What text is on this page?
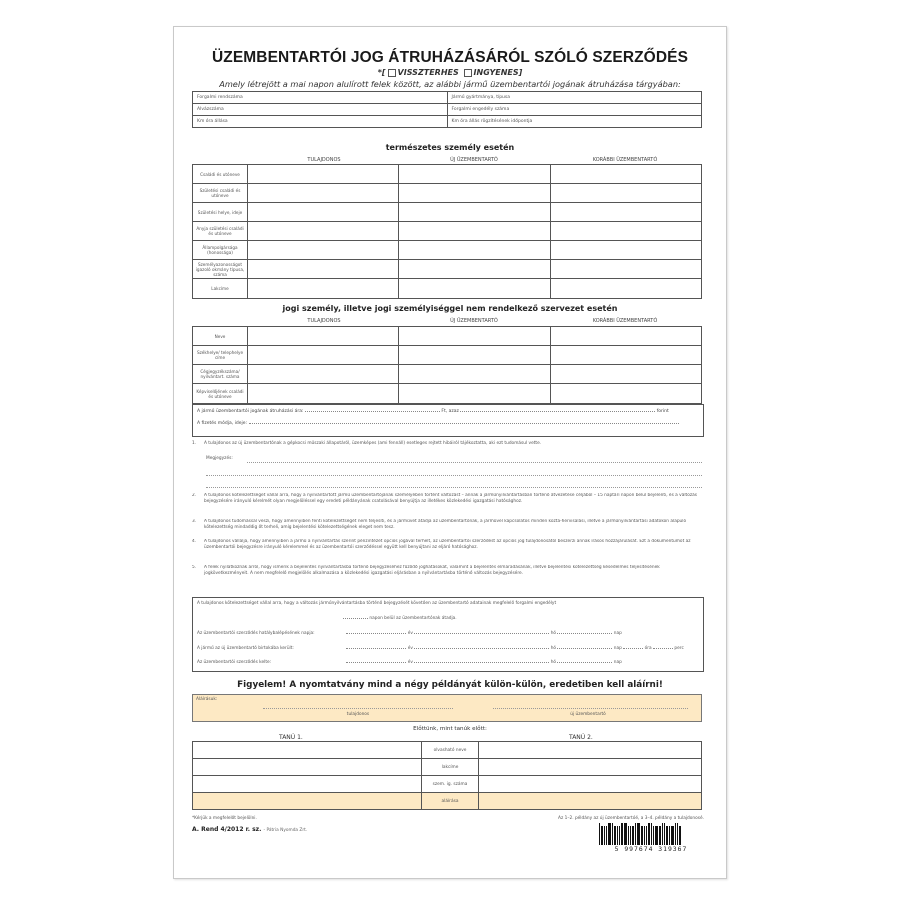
ÜZEMBENTARTÓI JOG ÁTRUHÁZÁSÁRÓL SZÓLÓ SZERZŐDÉS
*[ VISSZTERHES INGYENES]
Amely létrejött a mai napon alulírott felek között, az alábbi jármű üzembentartói jogának átruházása tárgyában:
Forgalmi rendszáma	Jármű gyártmánya, típusa
Alvázszáma	Forgalmi engedély száma
Km óra állása	Km óra állás rögzítésének időpontja
természetes személy esetén
TULAJDONOS	ÚJ ÜZEMBENTARTÓ	KORÁBBI ÜZEMBENTARTÓ
Családi és utóneve			
Születési családi és utóneve			
Születési helye, ideje			
Anyja születési családi és utóneve			
Állampolgársága (honossága)			
Személyazonosságot igazoló okmány típusa, száma			
Lakcíme			
jogi személy, illetve jogi személyiséggel nem rendelkező szervezet esetén
TULAJDONOS	ÚJ ÜZEMBENTARTÓ	KORÁBBI ÜZEMBENTARTÓ
Neve			
Székhelye/ telephelye címe			
Cégjegyzékszáma/ nyilvántart. száma			
Képviselőjének családi és utóneve			
A jármű üzembentartói jogának átruházási ára:	Ft, azaz	forint
A fizetés módja, ideje:
1. A tulajdonos az új üzembentartónak a gépkocsi műszaki állapotáról, üzemképes (ami fennáll) esetleges rejtett hibáiról tájékoztatta, aki ezt tudomásul vette.
Megjegyzés:
2. A tulajdonos kötelezettséget vállal arra, hogy a nyilvántartott jármű üzembentartójának személyében történt változást – annak a járműnyilvántartásban történő átvezetése céljából – 15 naptári napon belül bejelenti, és a változás bejegyzésére irányuló kérelmét olyan megjelöléssel egy eredeti példányának csatolásával benyújtja az illetékes közlekedési igazgatási hatósághoz.
3. A tulajdonos tudomással veszi, hogy amennyiben fenti kötelezettségét nem teljesíti, és a járművet átadja az üzembentartónak, a járművel kapcsolatos minden közta-hervisalási, illetve a járműnyilvántartási adatokon alapuló kötelezettség mindaddig őt terheli, amíg bejelentési kötelezettségének eleget nem tesz.
4. A tulajdonos vállalja, hogy amennyiben a jármű a nyilvántartás szerint pénzintézet opciós jogával terhelt, az üzembentartói szerződést az opciós jog tulajdonosától beszerzi annak írásos hozzájárulását. Ezt a dokumentumot az üzembentartói bejegyzésre irányuló kérelemmel és az üzembentartói szerződéssel együtt kell benyújtani az eljáró hatósághoz.
5. A felek nyilatkoznak arról, hogy ismerik a bejelentés nyilvántartásba történő bejegyzéséhez fűződő joghatásokat, valamint a bejelentés elmaradásának, illetve bejelentési kötelezettség késedelmes teljesítésének jogkövetkezményeit. A nem megfelelő megjelölés alkalmazása a közlekedési igazgatási eljárásban a nyilvántartásba történő változás bejegyzésére.
A tulajdonos kötelezettséget vállal arra, hogy a változás járműnyilvántartásba történő bejegyzését követően az üzembentartó adatainak megfelelő forgalmi engedélyt
napon belül az üzembentartónak átadja.
Az üzembentartói szerződés hatálybalépésének napja:	év	hó	nap
A jármű az új üzembentartó birtokába került:	év	hó	nap	óra	perc
Az üzembentartói szerződés kelte:	év	hó	nap
Figyelem! A nyomtatvány mind a négy példányát külön-külön, eredetiben kell aláírni!
Aláírásuk:
tulajdonos	új üzembentartó
Előttünk, mint tanúk előtt:
TANÚ 1.	TANÚ 2.
	olvasható neve	
	lakcíme	
	szem. ig. száma	
	aláírása	
*Kérjük a megfelelőt bejelölni.	Az 1–2. példány az új üzembentartóé, a 3–4. példány a tulajdonosé.
A. Rend 4/2012 r. sz. - Pátria Nyomda Zrt.
5 997674 319367
